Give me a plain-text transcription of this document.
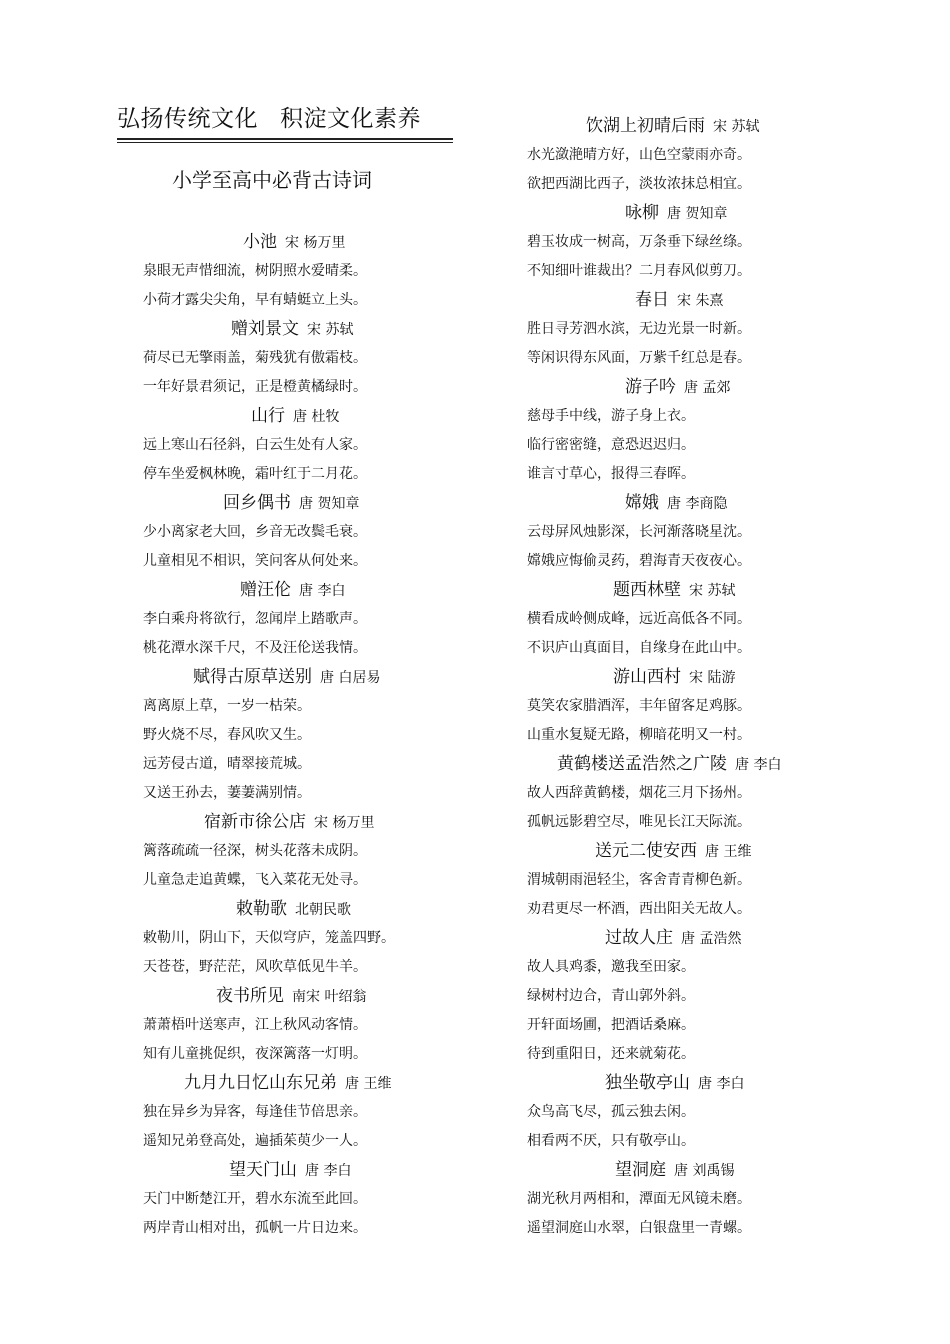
弘扬传统文化 积淀文化素养
小学至高中必背古诗词
小池 宋 杨万里
泉眼无声惜细流，树阴照水爱晴柔。
小荷才露尖尖角，早有蜻蜓立上头。
赠刘景文 宋 苏轼
荷尽已无擎雨盖，菊残犹有傲霜枝。
一年好景君须记，正是橙黄橘绿时。
山行 唐 杜牧
远上寒山石径斜，白云生处有人家。
停车坐爱枫林晚，霜叶红于二月花。
回乡偶书 唐 贺知章
少小离家老大回，乡音无改鬓毛衰。
儿童相见不相识，笑问客从何处来。
赠汪伦 唐 李白
李白乘舟将欲行，忽闻岸上踏歌声。
桃花潭水深千尺，不及汪伦送我情。
赋得古原草送别 唐 白居易
离离原上草，一岁一枯荣。
野火烧不尽，春风吹又生。
远芳侵古道，晴翠接荒城。
又送王孙去，萋萋满别情。
宿新市徐公店 宋 杨万里
篱落疏疏一径深，树头花落未成阴。
儿童急走追黄蝶，飞入菜花无处寻。
敕勒歌 北朝民歌
敕勒川，阴山下，天似穹庐，笼盖四野。
天苍苍，野茫茫，风吹草低见牛羊。
夜书所见 南宋 叶绍翁
萧萧梧叶送寒声，江上秋风动客情。
知有儿童挑促织，夜深篱落一灯明。
九月九日忆山东兄弟 唐 王维
独在异乡为异客，每逢佳节倍思亲。
遥知兄弟登高处，遍插茱萸少一人。
望天门山 唐 李白
天门中断楚江开，碧水东流至此回。
两岸青山相对出，孤帆一片日边来。
饮湖上初晴后雨 宋 苏轼
水光潋滟晴方好，山色空蒙雨亦奇。
欲把西湖比西子，淡妆浓抹总相宜。
咏柳 唐 贺知章
碧玉妆成一树高，万条垂下绿丝绦。
不知细叶谁裁出？二月春风似剪刀。
春日 宋 朱熹
胜日寻芳泗水滨，无边光景一时新。
等闲识得东风面，万紫千红总是春。
游子吟 唐 孟郊
慈母手中线，游子身上衣。
临行密密缝，意恐迟迟归。
谁言寸草心，报得三春晖。
嫦娥 唐 李商隐
云母屏风烛影深，长河渐落晓星沈。
嫦娥应悔偷灵药，碧海青天夜夜心。
题西林壁 宋 苏轼
横看成岭侧成峰，远近高低各不同。
不识庐山真面目，自缘身在此山中。
游山西村 宋 陆游
莫笑农家腊酒浑，丰年留客足鸡豚。
山重水复疑无路，柳暗花明又一村。
黄鹤楼送孟浩然之广陵 唐 李白
故人西辞黄鹤楼，烟花三月下扬州。
孤帆远影碧空尽，唯见长江天际流。
送元二使安西 唐 王维
渭城朝雨浥轻尘，客舍青青柳色新。
劝君更尽一杯酒，西出阳关无故人。
过故人庄 唐 孟浩然
故人具鸡黍，邀我至田家。
绿树村边合，青山郭外斜。
开轩面场圃，把酒话桑麻。
待到重阳日，还来就菊花。
独坐敬亭山 唐 李白
众鸟高飞尽，孤云独去闲。
相看两不厌，只有敬亭山。
望洞庭 唐 刘禹锡
湖光秋月两相和，潭面无风镜未磨。
遥望洞庭山水翠，白银盘里一青螺。
